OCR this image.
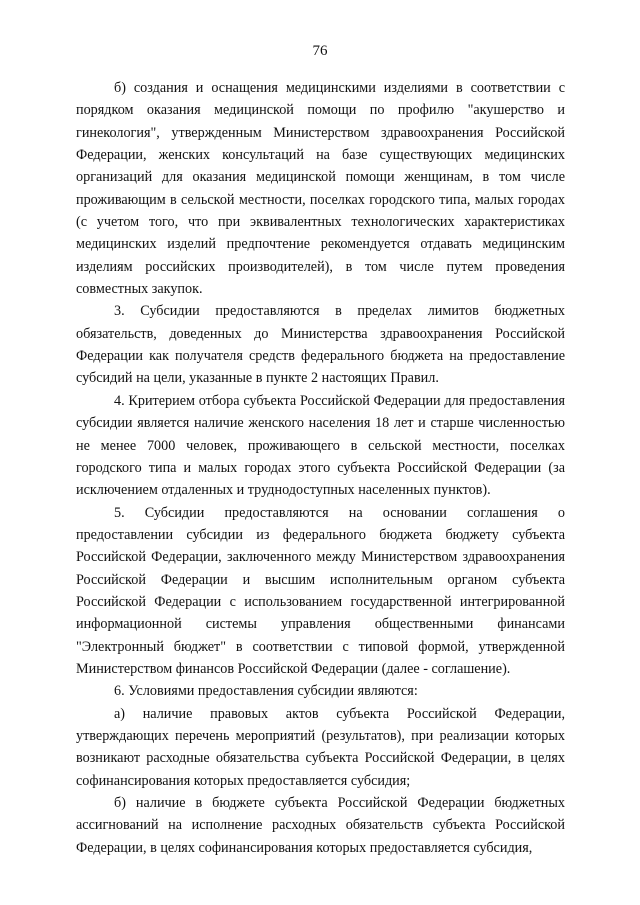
76

б) создания и оснащения медицинскими изделиями в соответствии с порядком оказания медицинской помощи по профилю "акушерство и гинекология", утвержденным Министерством здравоохранения Российской Федерации, женских консультаций на базе существующих медицинских организаций для оказания медицинской помощи женщинам, в том числе проживающим в сельской местности, поселках городского типа, малых городах (с учетом того, что при эквивалентных технологических характеристиках медицинских изделий предпочтение рекомендуется отдавать медицинским изделиям российских производителей), в том числе путем проведения совместных закупок.

3. Субсидии предоставляются в пределах лимитов бюджетных обязательств, доведенных до Министерства здравоохранения Российской Федерации как получателя средств федерального бюджета на предоставление субсидий на цели, указанные в пункте 2 настоящих Правил.

4. Критерием отбора субъекта Российской Федерации для предоставления субсидии является наличие женского населения 18 лет и старше численностью не менее 7000 человек, проживающего в сельской местности, поселках городского типа и малых городах этого субъекта Российской Федерации (за исключением отдаленных и труднодоступных населенных пунктов).

5. Субсидии предоставляются на основании соглашения о предоставлении субсидии из федерального бюджета бюджету субъекта Российской Федерации, заключенного между Министерством здравоохранения Российской Федерации и высшим исполнительным органом субъекта Российской Федерации с использованием государственной интегрированной информационной системы управления общественными финансами "Электронный бюджет" в соответствии с типовой формой, утвержденной Министерством финансов Российской Федерации (далее - соглашение).

6. Условиями предоставления субсидии являются:

а) наличие правовых актов субъекта Российской Федерации, утверждающих перечень мероприятий (результатов), при реализации которых возникают расходные обязательства субъекта Российской Федерации, в целях софинансирования которых предоставляется субсидия;

б) наличие в бюджете субъекта Российской Федерации бюджетных ассигнований на исполнение расходных обязательств субъекта Российской Федерации, в целях софинансирования которых предоставляется субсидия,
